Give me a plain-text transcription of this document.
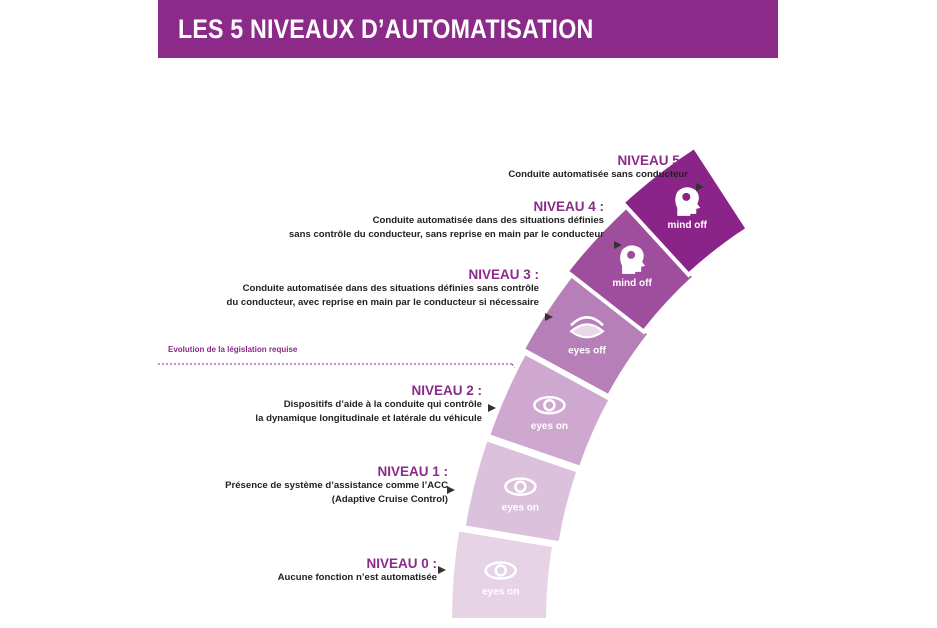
LES 5 NIVEAUX D’AUTOMATISATION
eyes on
eyes on
eyes on
eyes off
mind off
mind off
Evolution de la législation requise
NIVEAU 0 :
Aucune fonction n’est automatisée
NIVEAU 1 :
Présence de système d’assistance comme l’ACC
(Adaptive Cruise Control)
NIVEAU 2 :
Dispositifs d’aide à la conduite qui contrôle
la dynamique longitudinale et latérale du véhicule
NIVEAU 3 :
Conduite automatisée dans des situations définies sans contrôle
du conducteur, avec reprise en main par le conducteur si nécessaire
NIVEAU 4 :
Conduite automatisée dans des situations définies
sans contrôle du conducteur, sans reprise en main par le conducteur
NIVEAU 5 :
Conduite automatisée sans conducteur
